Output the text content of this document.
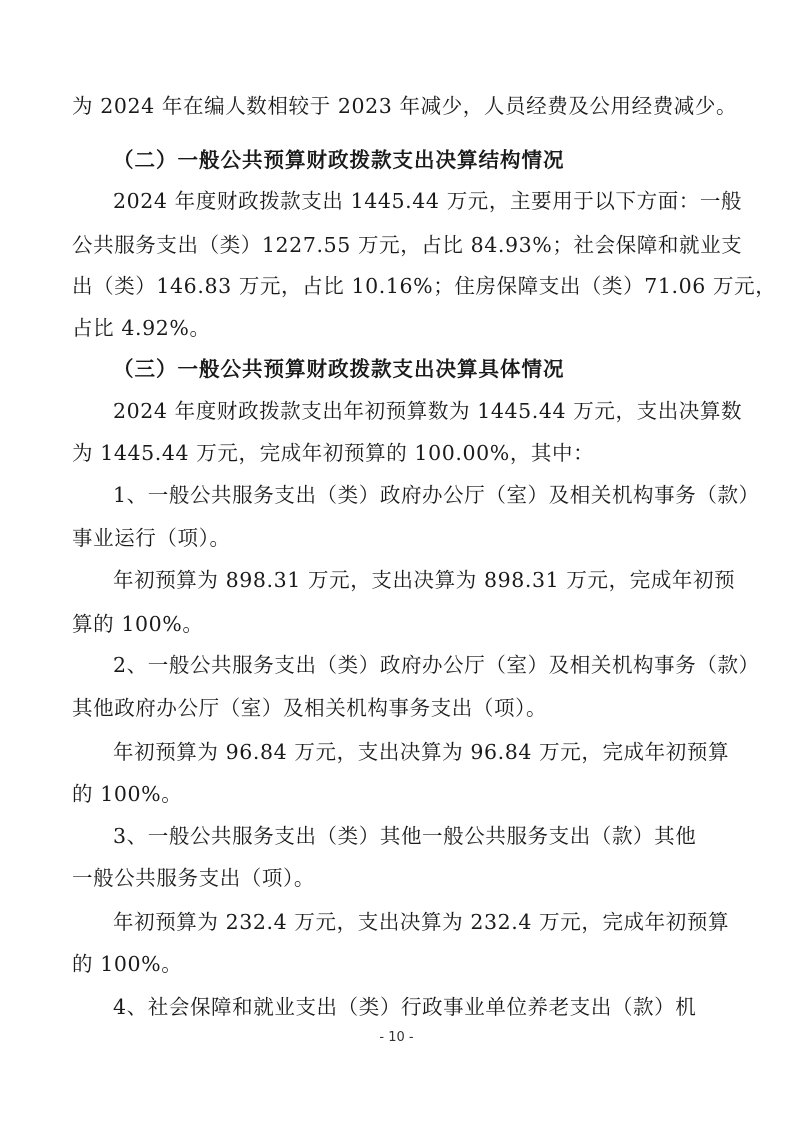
为 2024 年在编人数相较于 2023 年减少，人员经费及公用经费减少。
（二）一般公共预算财政拨款支出决算结构情况
2024 年度财政拨款支出 1445.44 万元，主要用于以下方面：一般
公共服务支出（类）1227.55 万元，占比 84.93%；社会保障和就业支
出（类）146.83 万元，占比 10.16%；住房保障支出（类）71.06 万元，
占比 4.92%。
（三）一般公共预算财政拨款支出决算具体情况
2024 年度财政拨款支出年初预算数为 1445.44 万元，支出决算数
为 1445.44 万元，完成年初预算的 100.00%，其中：
1、一般公共服务支出（类）政府办公厅（室）及相关机构事务（款）
事业运行（项）。
年初预算为 898.31 万元，支出决算为 898.31 万元，完成年初预
算的 100%。
2、一般公共服务支出（类）政府办公厅（室）及相关机构事务（款）
其他政府办公厅（室）及相关机构事务支出（项）。
年初预算为 96.84 万元，支出决算为 96.84 万元，完成年初预算
的 100%。
3、一般公共服务支出（类）其他一般公共服务支出（款）其他
一般公共服务支出（项）。
年初预算为 232.4 万元，支出决算为 232.4 万元，完成年初预算
的 100%。
4、社会保障和就业支出（类）行政事业单位养老支出（款）机
- 10 -
